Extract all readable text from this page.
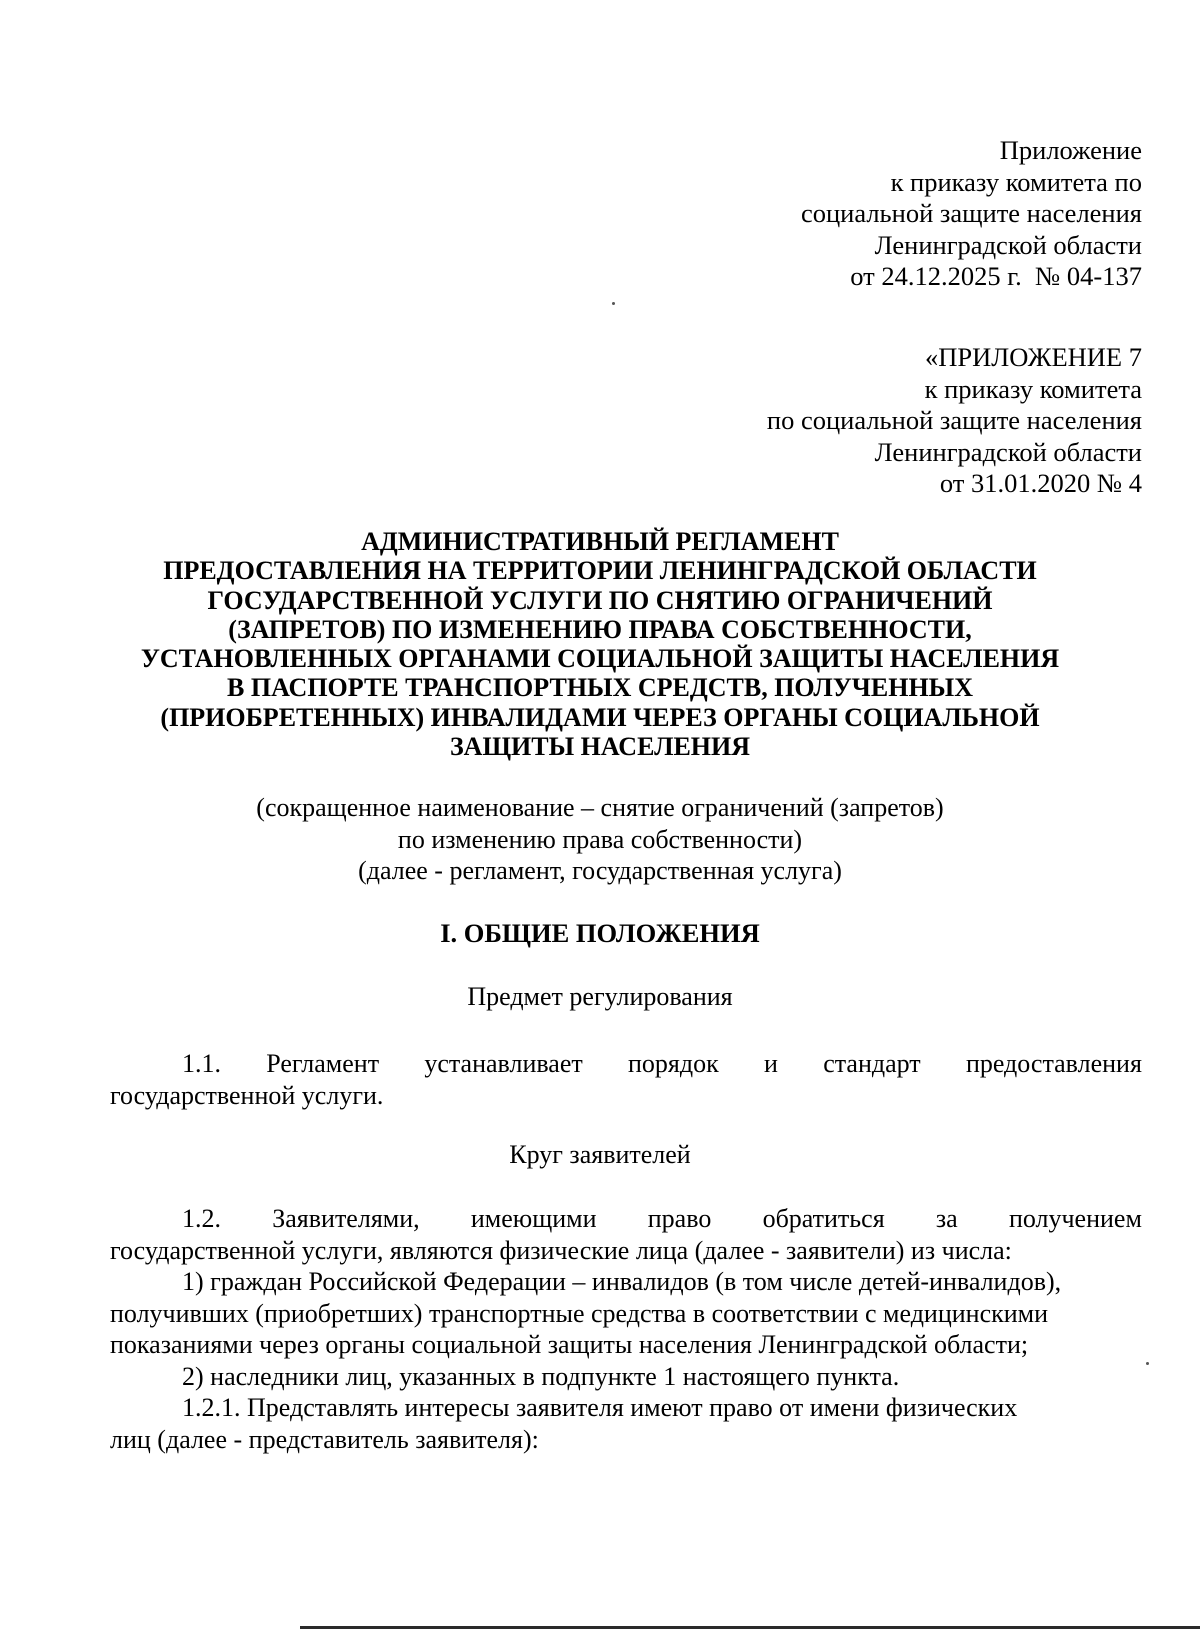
Приложение
к приказу комитета по
социальной защите населения
Ленинградской области
от 24.12.2025 г.  № 04-137
«ПРИЛОЖЕНИЕ 7
к приказу комитета
по социальной защите населения
Ленинградской области
от 31.01.2020 № 4
АДМИНИСТРАТИВНЫЙ РЕГЛАМЕНТ
ПРЕДОСТАВЛЕНИЯ НА ТЕРРИТОРИИ ЛЕНИНГРАДСКОЙ ОБЛАСТИ
ГОСУДАРСТВЕННОЙ УСЛУГИ ПО СНЯТИЮ ОГРАНИЧЕНИЙ
(ЗАПРЕТОВ) ПО ИЗМЕНЕНИЮ ПРАВА СОБСТВЕННОСТИ,
УСТАНОВЛЕННЫХ ОРГАНАМИ СОЦИАЛЬНОЙ ЗАЩИТЫ НАСЕЛЕНИЯ
В ПАСПОРТЕ ТРАНСПОРТНЫХ СРЕДСТВ, ПОЛУЧЕННЫХ
(ПРИОБРЕТЕННЫХ) ИНВАЛИДАМИ ЧЕРЕЗ ОРГАНЫ СОЦИАЛЬНОЙ
ЗАЩИТЫ НАСЕЛЕНИЯ
(сокращенное наименование – снятие ограничений (запретов)
по изменению права собственности)
(далее - регламент, государственная услуга)
I. ОБЩИЕ ПОЛОЖЕНИЯ
Предмет регулирования
1.1. Регламент устанавливает порядок и стандарт предоставления
государственной услуги.
Круг заявителей
1.2. Заявителями, имеющими право обратиться за получением
государственной услуги, являются физические лица (далее - заявители) из числа:
1) граждан Российской Федерации – инвалидов (в том числе детей-инвалидов),
получивших (приобретших) транспортные средства в соответствии с медицинскими
показаниями через органы социальной защиты населения Ленинградской области;
2) наследники лиц, указанных в подпункте 1 настоящего пункта.
1.2.1. Представлять интересы заявителя имеют право от имени физических
лиц (далее - представитель заявителя):
